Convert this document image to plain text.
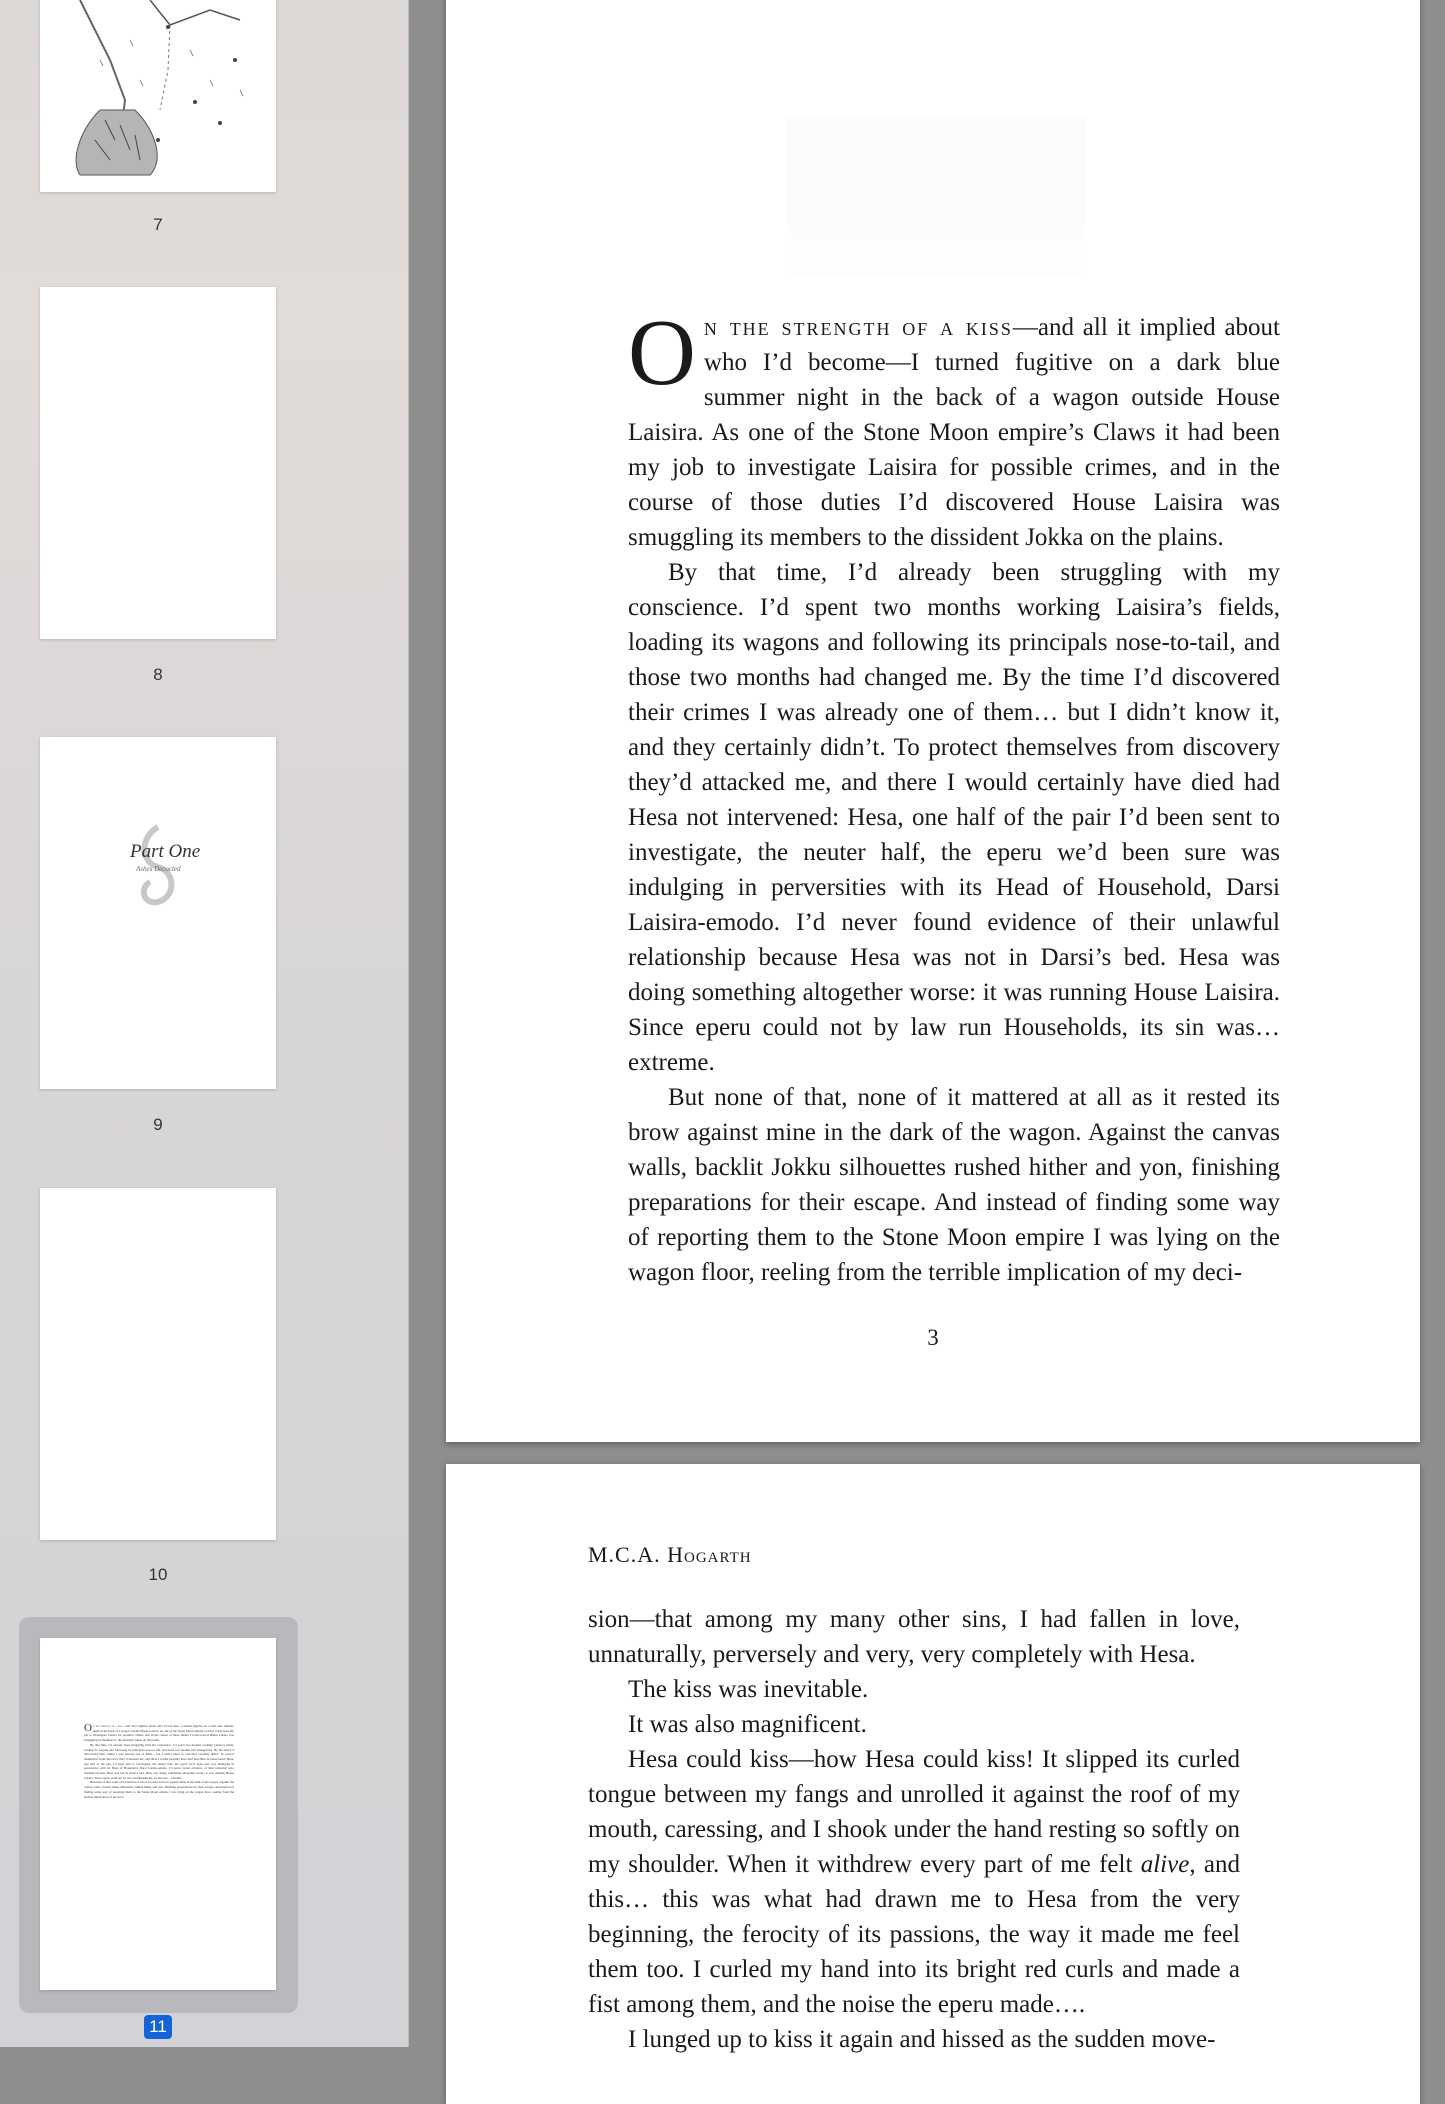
7
8
Part One
Ashes Decocted
9
10
On the strength of a kiss—and all it implied about who I’d become—I turned fugitive on a dark blue summer night in the back of a wagon outside House Laisira. As one of the Stone Moon empire’s Claws it had been my job to investigate Laisira for possible crimes, and in the course of those duties I’d discovered House Laisira was smuggling its members to the dissident Jokka on the plains.
By that time, I’d already been struggling with my conscience. I’d spent two months working Laisira’s fields, loading its wagons and following its principals nose-to-tail, and those two months had changed me. By the time I’d discovered their crimes I was already one of them… but I didn’t know it, and they certainly didn’t. To protect themselves from discovery they’d attacked me, and there I would certainly have died had Hesa not intervened: Hesa, one half of the pair I’d been sent to investigate, the neuter half, the eperu we’d been sure was indulging in perversities with its Head of Household, Darsi Laisira-emodo. I’d never found evidence of their unlawful relationship because Hesa was not in Darsi’s bed. Hesa was doing something altogether worse: it was running House Laisira. Since eperu could not by law run Households, its sin was… extreme.
But none of that, none of it mattered at all as it rested its brow against mine in the dark of the wagon. Against the canvas walls, backlit Jokku silhouettes rushed hither and yon, finishing preparations for their escape. And instead of finding some way of reporting them to the Stone Moon empire I was lying on the wagon floor, reeling from the terrible implication of my deci-
11

On the strength of a kiss—and all it implied about who I’d become—I turned fugitive on a dark blue summer night in the back of a wagon outside House Laisira. As one of the Stone Moon empire’s Claws it had been my job to investigate Laisira for possible crimes, and in the course of those duties I’d discovered House Laisira was smuggling its members to the dissident Jokka on the plains.

By that time, I’d already been struggling with my conscience. I’d spent two months working Laisira’s fields, loading its wagons and following its principals nose-to-tail, and those two months had changed me. By the time I’d discovered their crimes I was already one of them… but I didn’t know it, and they certainly didn’t. To protect themselves from discovery they’d attacked me, and there I would certainly have died had Hesa not intervened: Hesa, one half of the pair I’d been sent to investigate, the neuter half, the eperu we’d been sure was indulging in perversities with its Head of Household, Darsi Laisira-emodo. I’d never found evidence of their unlawful relationship because Hesa was not in Darsi’s bed. Hesa was doing something altogether worse: it was running House Laisira. Since eperu could not by law run Households, its sin was… extreme.

But none of that, none of it mattered at all as it rested its brow against mine in the dark of the wagon. Against the canvas walls, backlit Jokku silhouettes rushed hither and yon, finishing preparations for their escape. And instead of finding some way of reporting them to the Stone Moon empire I was lying on the wagon floor, reeling from the terrible implication of my deci-

3
M.C.A. Hogarth

sion—that among my many other sins, I had fallen in love, unnaturally, perversely and very, very completely with Hesa.

The kiss was inevitable.

It was also magnificent.

Hesa could kiss—how Hesa could kiss! It slipped its curled tongue between my fangs and unrolled it against the roof of my mouth, caressing, and I shook under the hand resting so softly on my shoulder. When it withdrew every part of me felt alive, and this… this was what had drawn me to Hesa from the very beginning, the ferocity of its passions, the way it made me feel them too. I curled my hand into its bright red curls and made a fist among them, and the noise the eperu made….

I lunged up to kiss it again and hissed as the sudden move-
